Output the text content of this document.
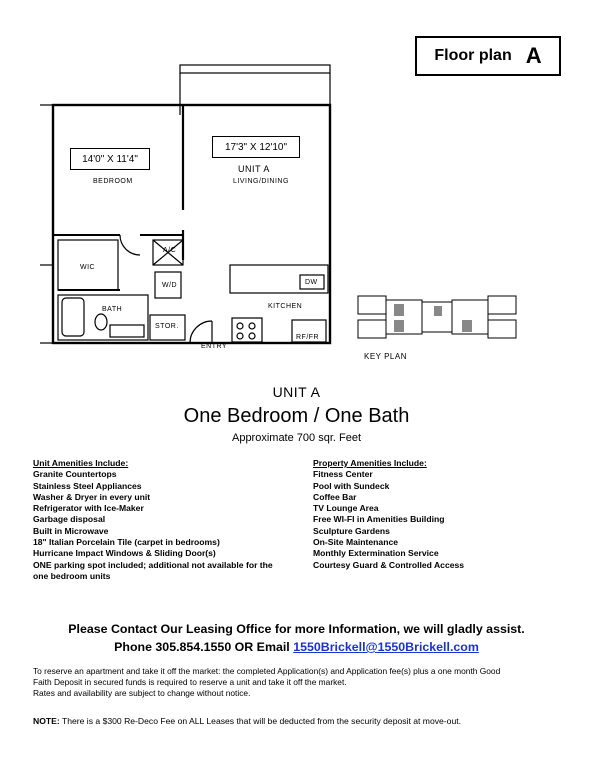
Floor plan A
14'0" X 11'4"
17'3" X 12'10"
BEDROOM
UNIT A
LIVING/DINING
WIC
BATH
A/C
W/D
STOR.
KITCHEN
DW
RF/FR
ENTRY
KEY PLAN
UNIT A
One Bedroom / One Bath
Approximate 700 sqr. Feet
Unit Amenities Include:
Granite Countertops
Stainless Steel Appliances
Washer & Dryer in every unit
Refrigerator with Ice-Maker
Garbage disposal
Built in Microwave
18" Italian Porcelain Tile (carpet in bedrooms)
Hurricane Impact Windows & Sliding Door(s)
ONE parking spot included; additional not available for the
one bedroom units
Property Amenities Include:
Fitness Center
Pool with Sundeck
Coffee Bar
TV Lounge Area
Free WI-FI in Amenities Building
Sculpture Gardens
On-Site Maintenance
Monthly Extermination Service
Courtesy Guard & Controlled Access
Please Contact Our Leasing Office for more Information, we will gladly assist.
Phone 305.854.1550 OR Email 1550Brickell@1550Brickell.com
To reserve an apartment and take it off the market: the completed Application(s) and Application fee(s) plus a one month Good
Faith Deposit in secured funds is required to reserve a unit and take it off the market.
Rates and availability are subject to change without notice.
NOTE: There is a $300 Re-Deco Fee on ALL Leases that will be deducted from the security deposit at move-out.
